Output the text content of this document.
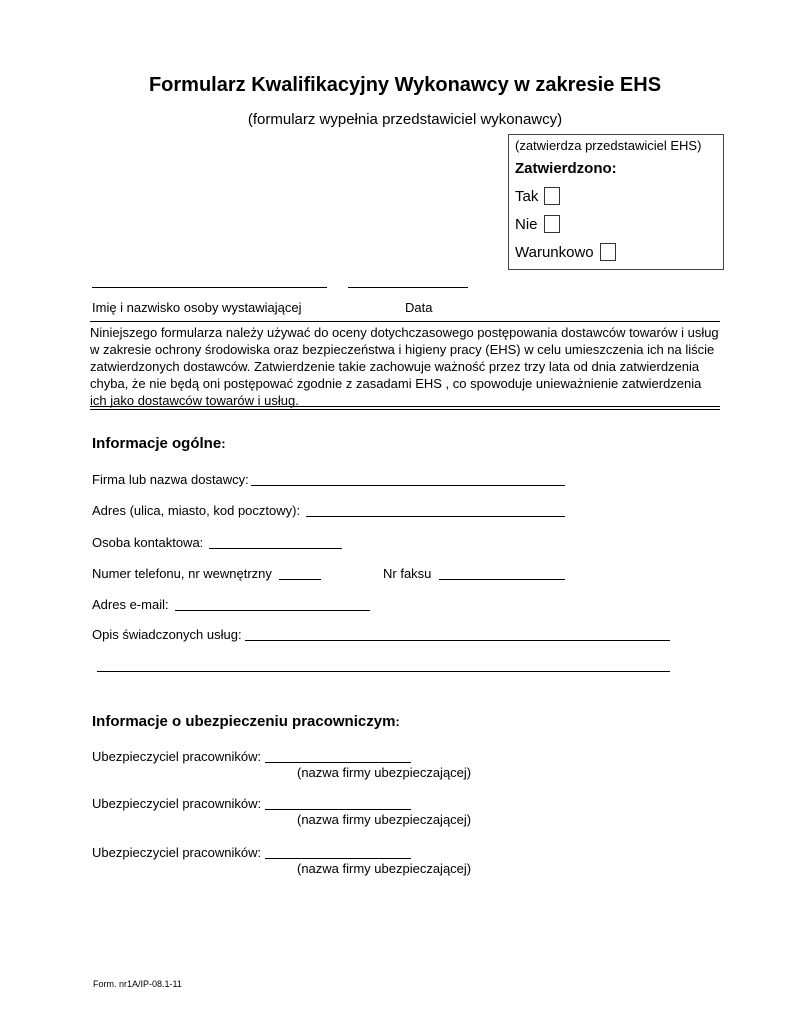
Formularz Kwalifikacyjny Wykonawcy w zakresie EHS
(formularz wypełnia przedstawiciel wykonawcy)
(zatwierdza przedstawiciel EHS)
Zatwierdzono:
Tak
Nie
Warunkowo
Imię i nazwisko osoby wystawiającej	Data
Niniejszego formularza należy używać do oceny dotychczasowego postępowania dostawców towarów i usług w zakresie ochrony środowiska oraz bezpieczeństwa i higieny pracy (EHS) w celu umieszczenia ich na liście zatwierdzonych dostawców. Zatwierdzenie takie zachowuje ważność przez trzy lata od dnia zatwierdzenia chyba, że nie będą oni postępować zgodnie z zasadami EHS , co spowoduje unieważnienie zatwierdzenia ich jako dostawców towarów i usług.
Informacje ogólne:
Firma lub nazwa dostawcy:
Adres (ulica, miasto, kod pocztowy):
Osoba kontaktowa:
Numer telefonu, nr wewnętrzny	Nr faksu
Adres e-mail:
Opis świadczonych usług:
Informacje o ubezpieczeniu pracowniczym:
Ubezpieczyciel pracowników:
(nazwa firmy ubezpieczającej)
Ubezpieczyciel pracowników:
(nazwa firmy ubezpieczającej)
Ubezpieczyciel pracowników:
(nazwa firmy ubezpieczającej)
Form. nr1A/IP-08.1-11
